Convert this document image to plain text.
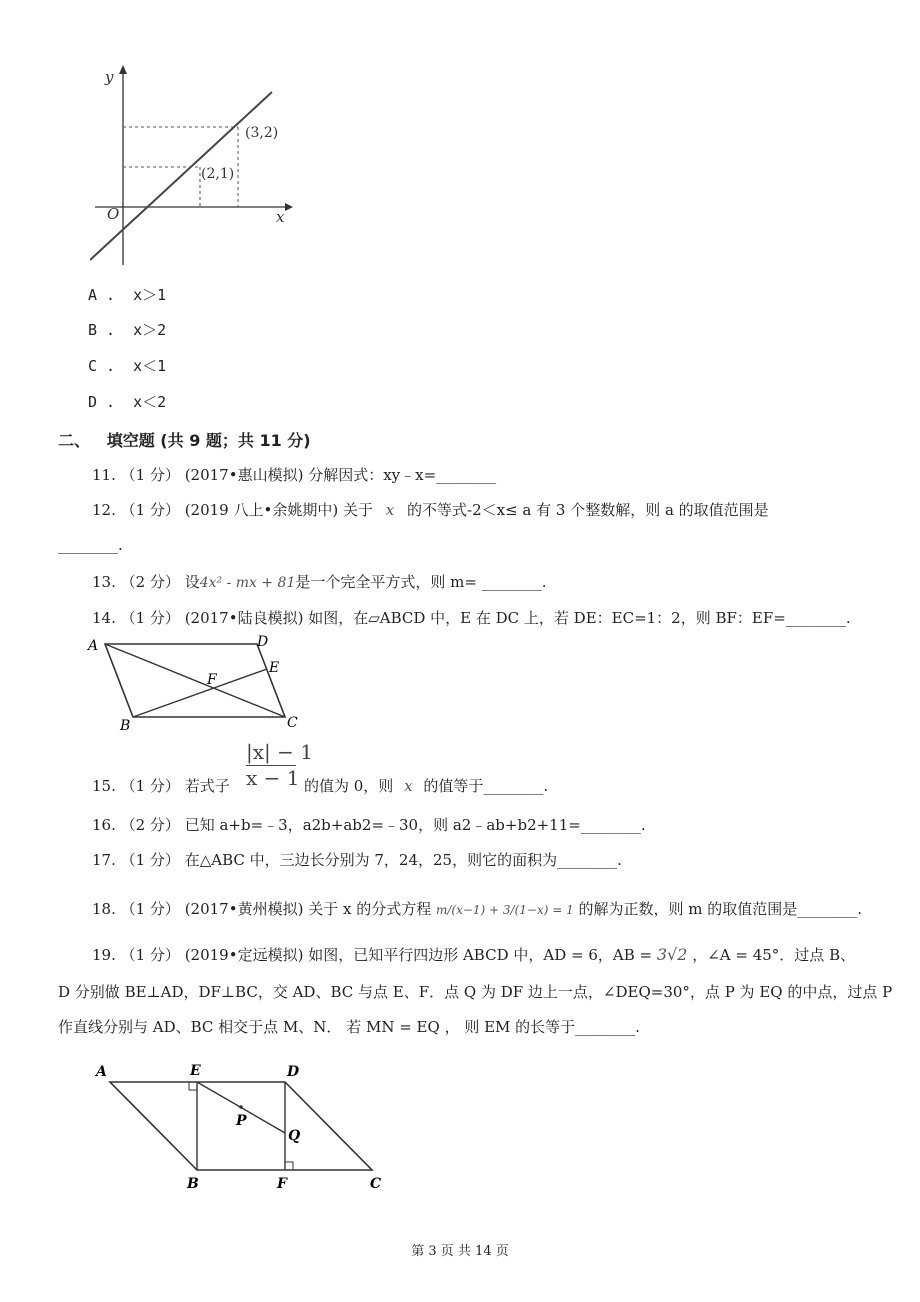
y
x
O
(2,1)
(3,2)
A .  x＞1
B .  x＞2
C .  x＜1
D .  x＜2
二、 填空题 (共 9 题；共 11 分)
11. （1 分） (2017•惠山模拟) 分解因式：xy﹣x=________
12. （1 分） (2019 八上•余姚期中) 关于 x 的不等式-2＜x≤ a 有 3 个整数解，则 a 的取值范围是
________.
13. （2 分） 设4x² - mx + 81是一个完全平方式，则 m= ________.
14. （1 分） (2017•陆良模拟) 如图，在▱ABCD 中，E 在 DC 上，若 DE：EC=1：2，则 BF：EF=________.
A	D
E
F
B	C
15. （1 分） 若式子 $\frac{|x| - 1}{x - 1}$ 的值为 0，则 x 的值等于________.
16. （2 分） 已知 a+b=﹣3，a2b+ab2=﹣30，则 a2﹣ab+b2+11=________.
17. （1 分） 在△ABC 中，三边长分别为 7，24，25，则它的面积为________.
18. （1 分） (2017•黄州模拟) 关于 x 的分式方程 m/(x−1) + 3/(1−x) = 1 的解为正数，则 m 的取值范围是________.
19. （1 分） (2019•定远模拟) 如图，已知平行四边形 ABCD 中，AD = 6，AB = 3√2 ，∠A = 45°．过点 B、
D 分别做 BE⊥AD，DF⊥BC，交 AD、BC 与点 E、F．点 Q 为 DF 边上一点，∠DEQ=30°，点 P 为 EQ 的中点，过点 P
作直线分别与 AD、BC 相交于点 M、N． 若 MN = EQ ， 则 EM 的长等于________.
A	E	D
P
Q
B	F	C
第 3 页 共 14 页
